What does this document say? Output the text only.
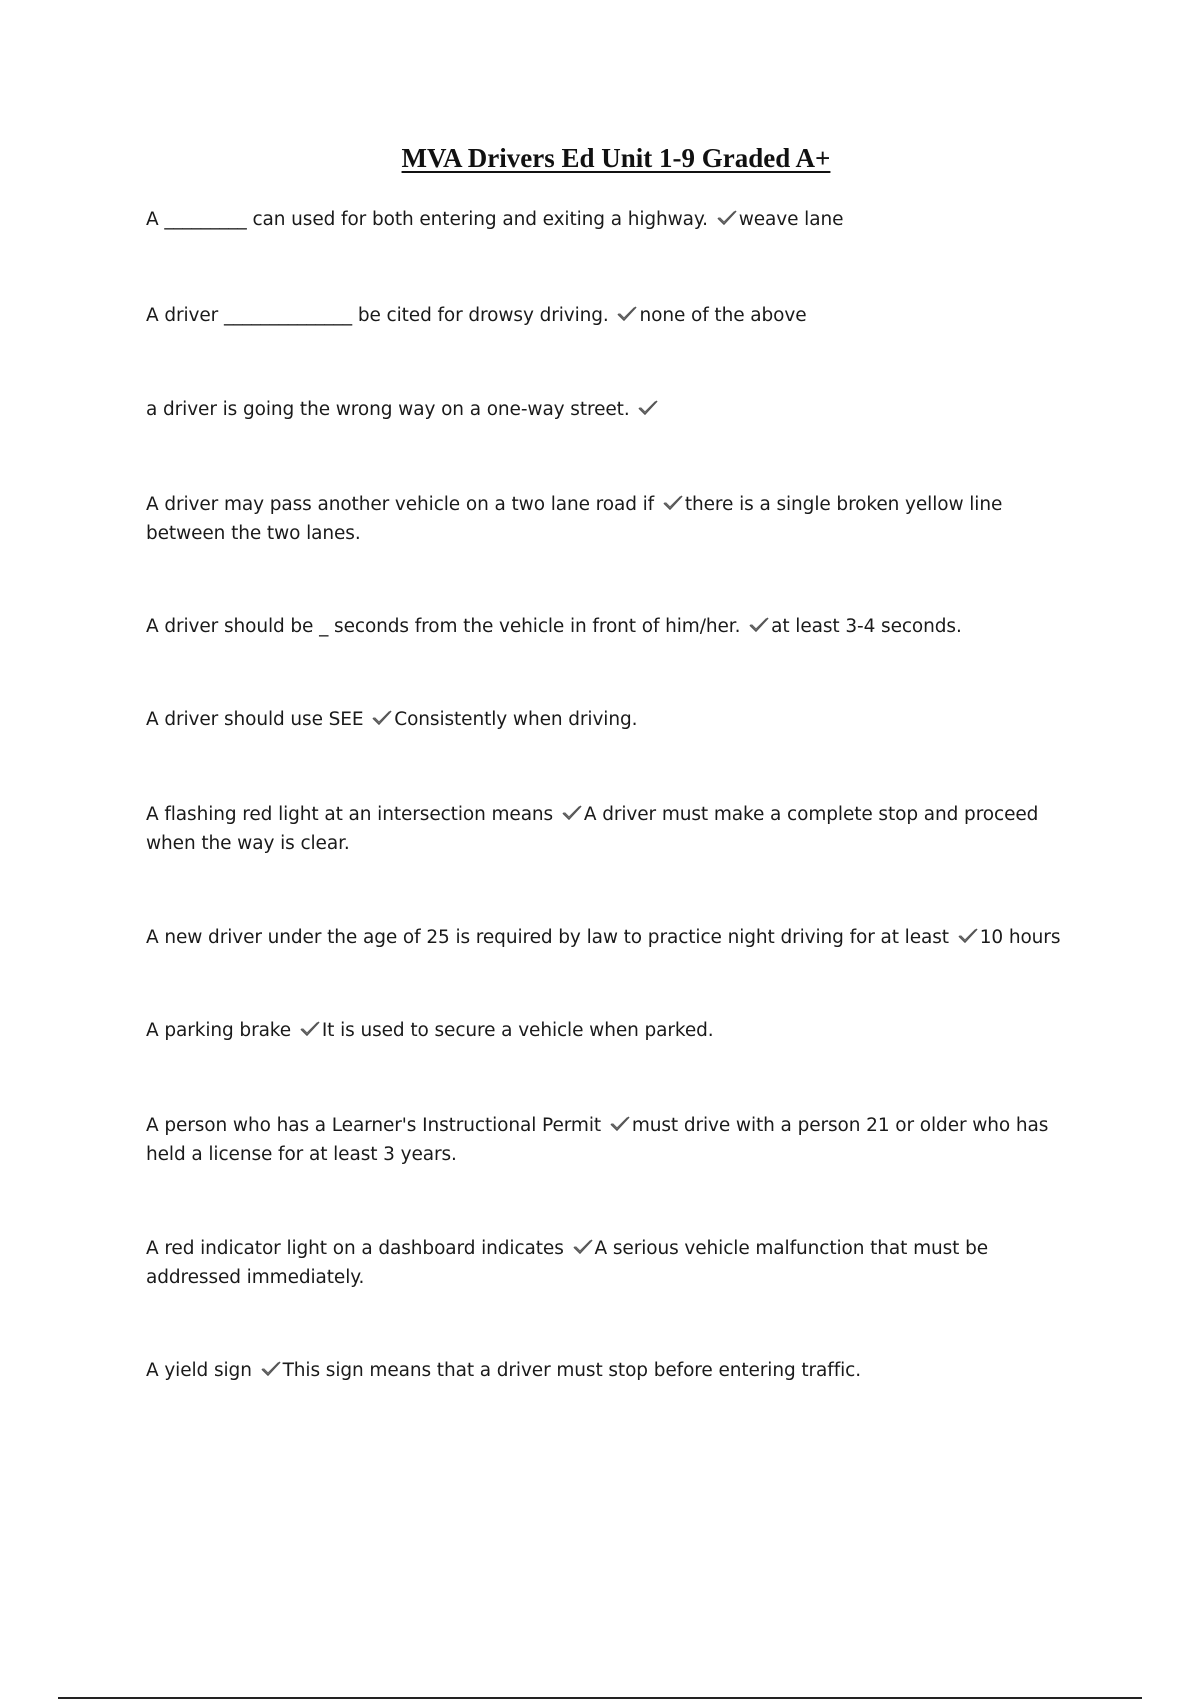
MVA Drivers Ed Unit 1-9 Graded A+
A _________ can used for both entering and exiting a highway. weave lane
A driver ______________ be cited for drowsy driving. none of the above
a driver is going the wrong way on a one-way street.
A driver may pass another vehicle on a two lane road if there is a single broken yellow line between the two lanes.
A driver should be _ seconds from the vehicle in front of him/her. at least 3-4 seconds.
A driver should use SEE Consistently when driving.
A flashing red light at an intersection means A driver must make a complete stop and proceed when the way is clear.
A new driver under the age of 25 is required by law to practice night driving for at least 10 hours
A parking brake It is used to secure a vehicle when parked.
A person who has a Learner's Instructional Permit must drive with a person 21 or older who has held a license for at least 3 years.
A red indicator light on a dashboard indicates A serious vehicle malfunction that must be addressed immediately.
A yield sign This sign means that a driver must stop before entering traffic.
